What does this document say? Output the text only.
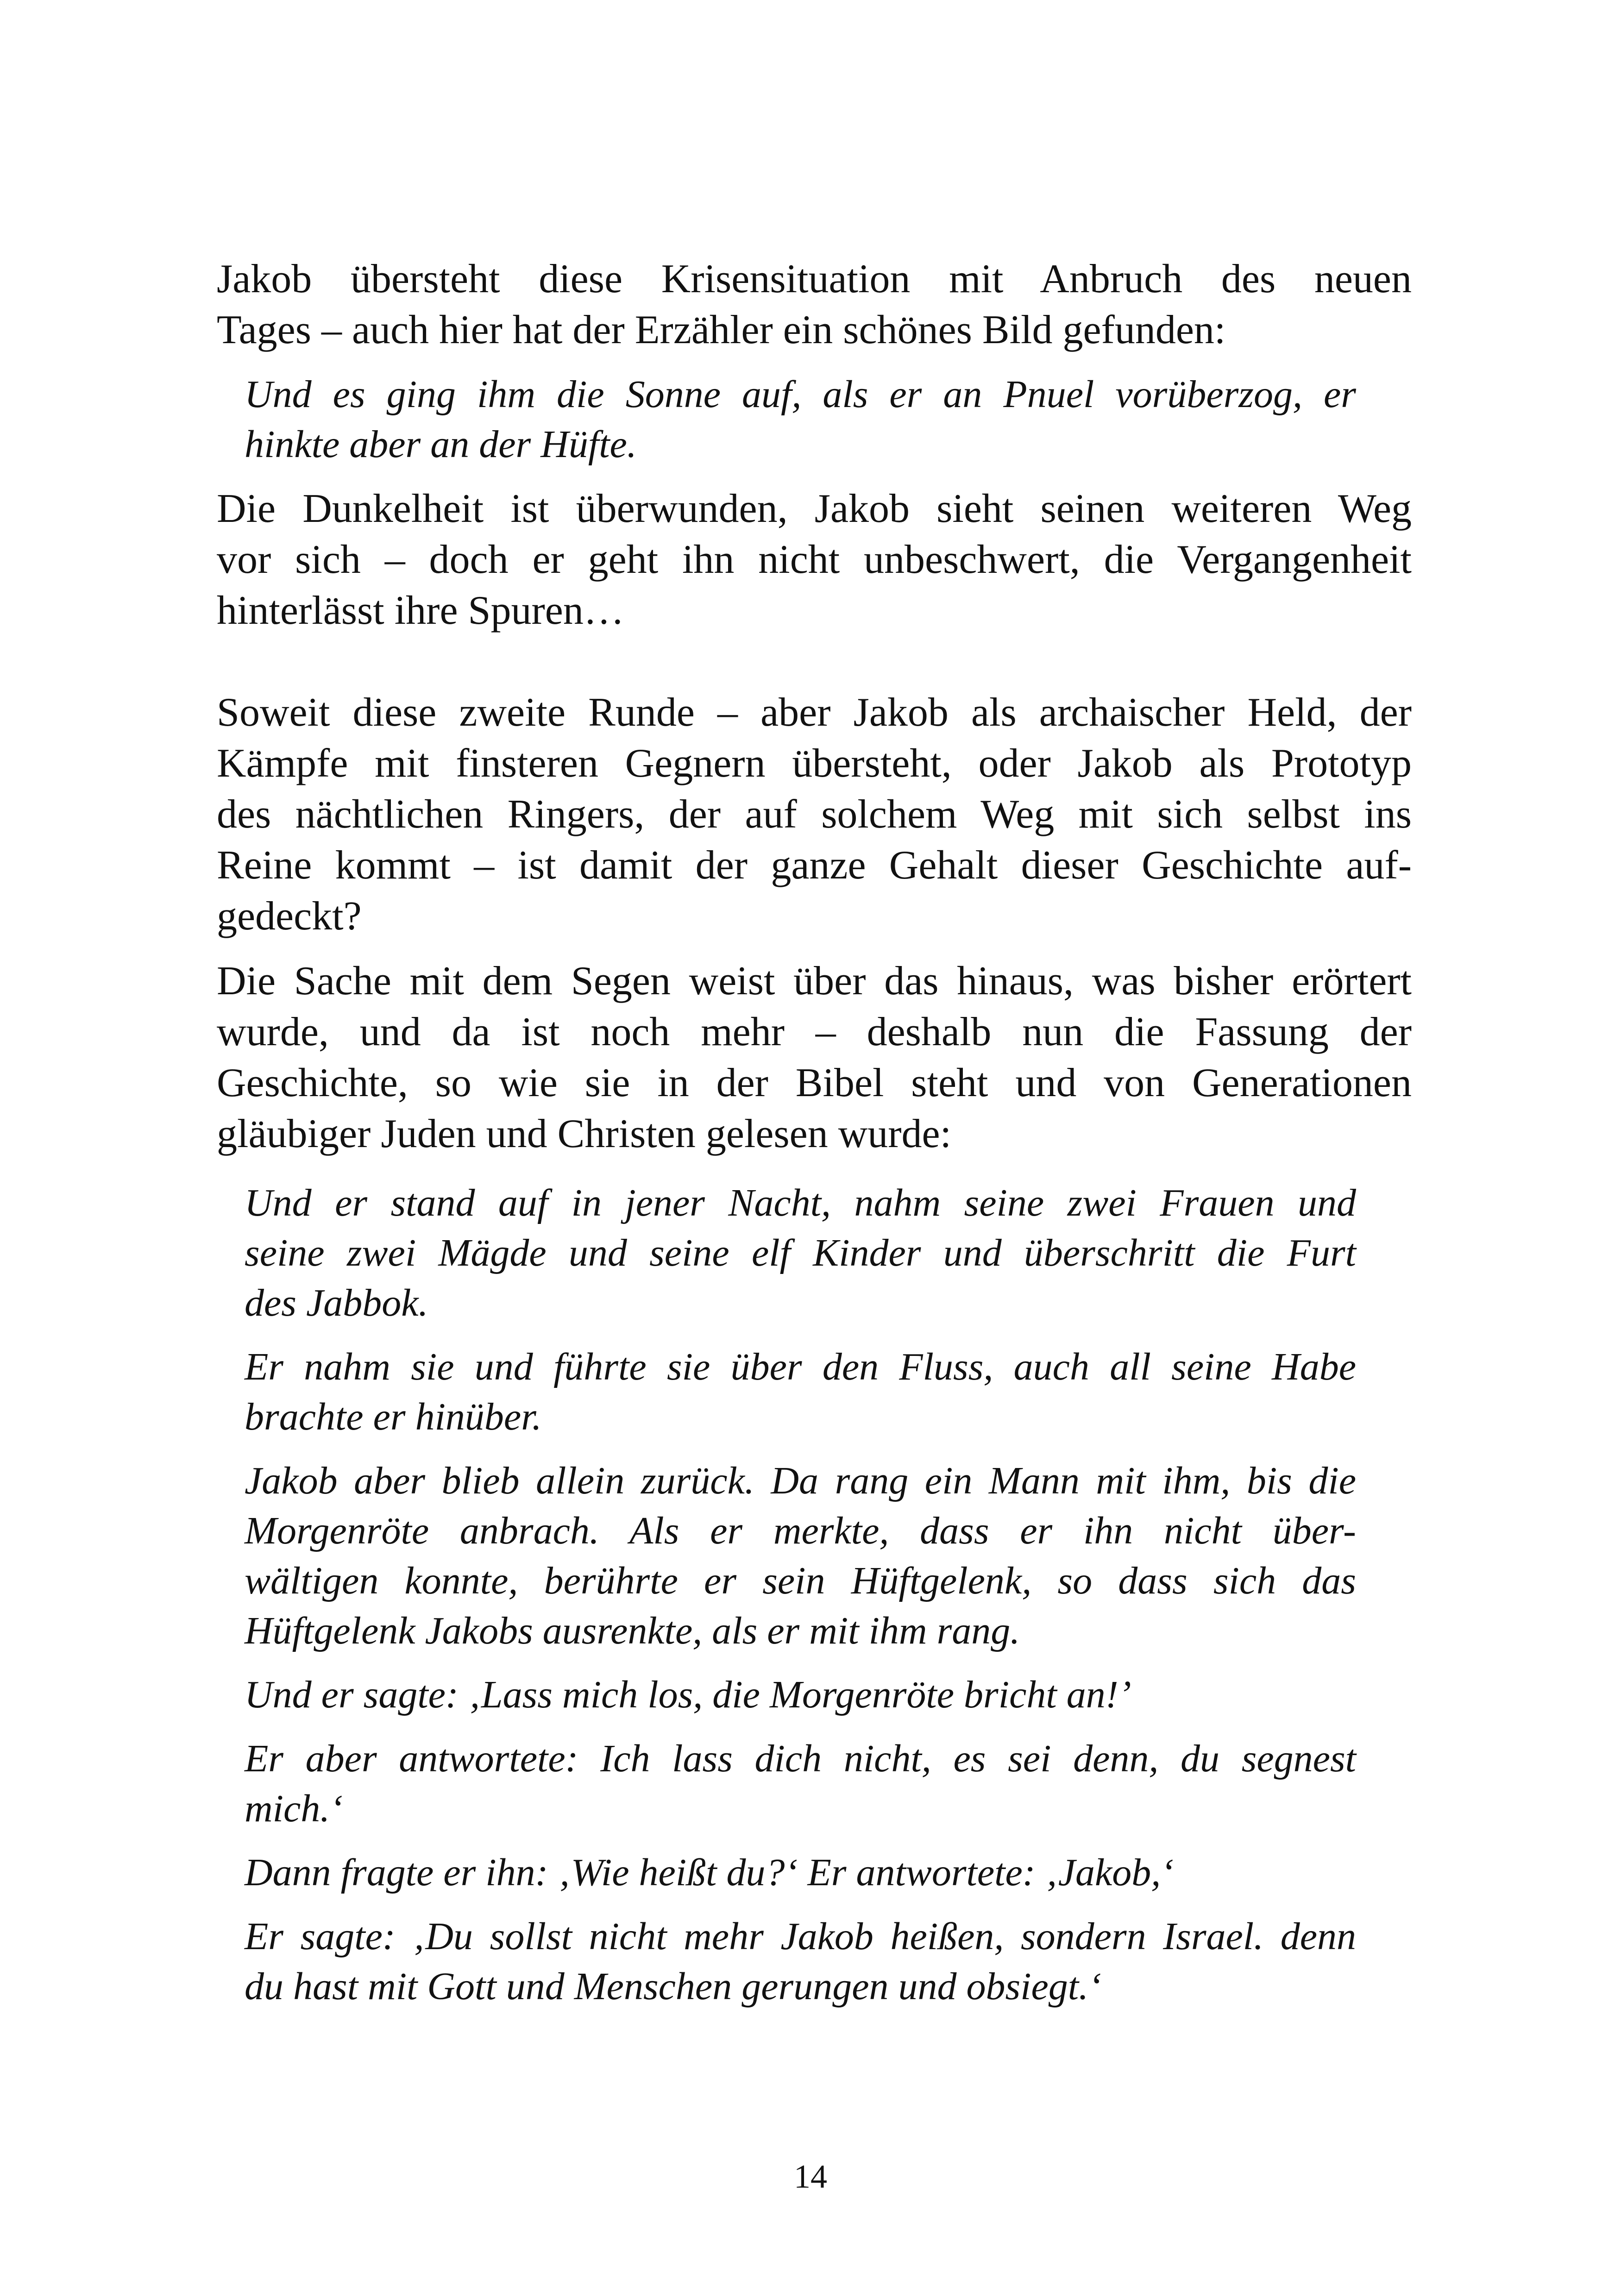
Jakob übersteht diese Krisensituation mit Anbruch des neuen
Tages – auch hier hat der Erzähler ein schönes Bild gefunden:

Und es ging ihm die Sonne auf, als er an Pnuel vorüberzog, er
hinkte aber an der Hüfte.

Die Dunkelheit ist überwunden, Jakob sieht seinen weiteren Weg
vor sich – doch er geht ihn nicht unbeschwert, die Vergangenheit
hinterlässt ihre Spuren…

Soweit diese zweite Runde – aber Jakob als archaischer Held, der
Kämpfe mit finsteren Gegnern übersteht, oder Jakob als Prototyp
des nächtlichen Ringers, der auf solchem Weg mit sich selbst ins
Reine kommt – ist damit der ganze Gehalt dieser Geschichte auf-
gedeckt?

Die Sache mit dem Segen weist über das hinaus, was bisher erörtert
wurde, und da ist noch mehr – deshalb nun die Fassung der
Geschichte, so wie sie in der Bibel steht und von Generationen
gläubiger Juden und Christen gelesen wurde:

Und er stand auf in jener Nacht, nahm seine zwei Frauen und
seine zwei Mägde und seine elf Kinder und überschritt die Furt
des Jabbok.

Er nahm sie und führte sie über den Fluss, auch all seine Habe
brachte er hinüber.

Jakob aber blieb allein zurück. Da rang ein Mann mit ihm, bis die
Morgenröte anbrach. Als er merkte, dass er ihn nicht über-
wältigen konnte, berührte er sein Hüftgelenk, so dass sich das
Hüftgelenk Jakobs ausrenkte, als er mit ihm rang.

Und er sagte: ‚Lass mich los, die Morgenröte bricht an!’

Er aber antwortete: Ich lass dich nicht, es sei denn, du segnest
mich.‘

Dann fragte er ihn: ‚Wie heißt du?‘ Er antwortete: ‚Jakob,‘

Er sagte: ‚Du sollst nicht mehr Jakob heißen, sondern Israel. denn
du hast mit Gott und Menschen gerungen und obsiegt.‘

14
